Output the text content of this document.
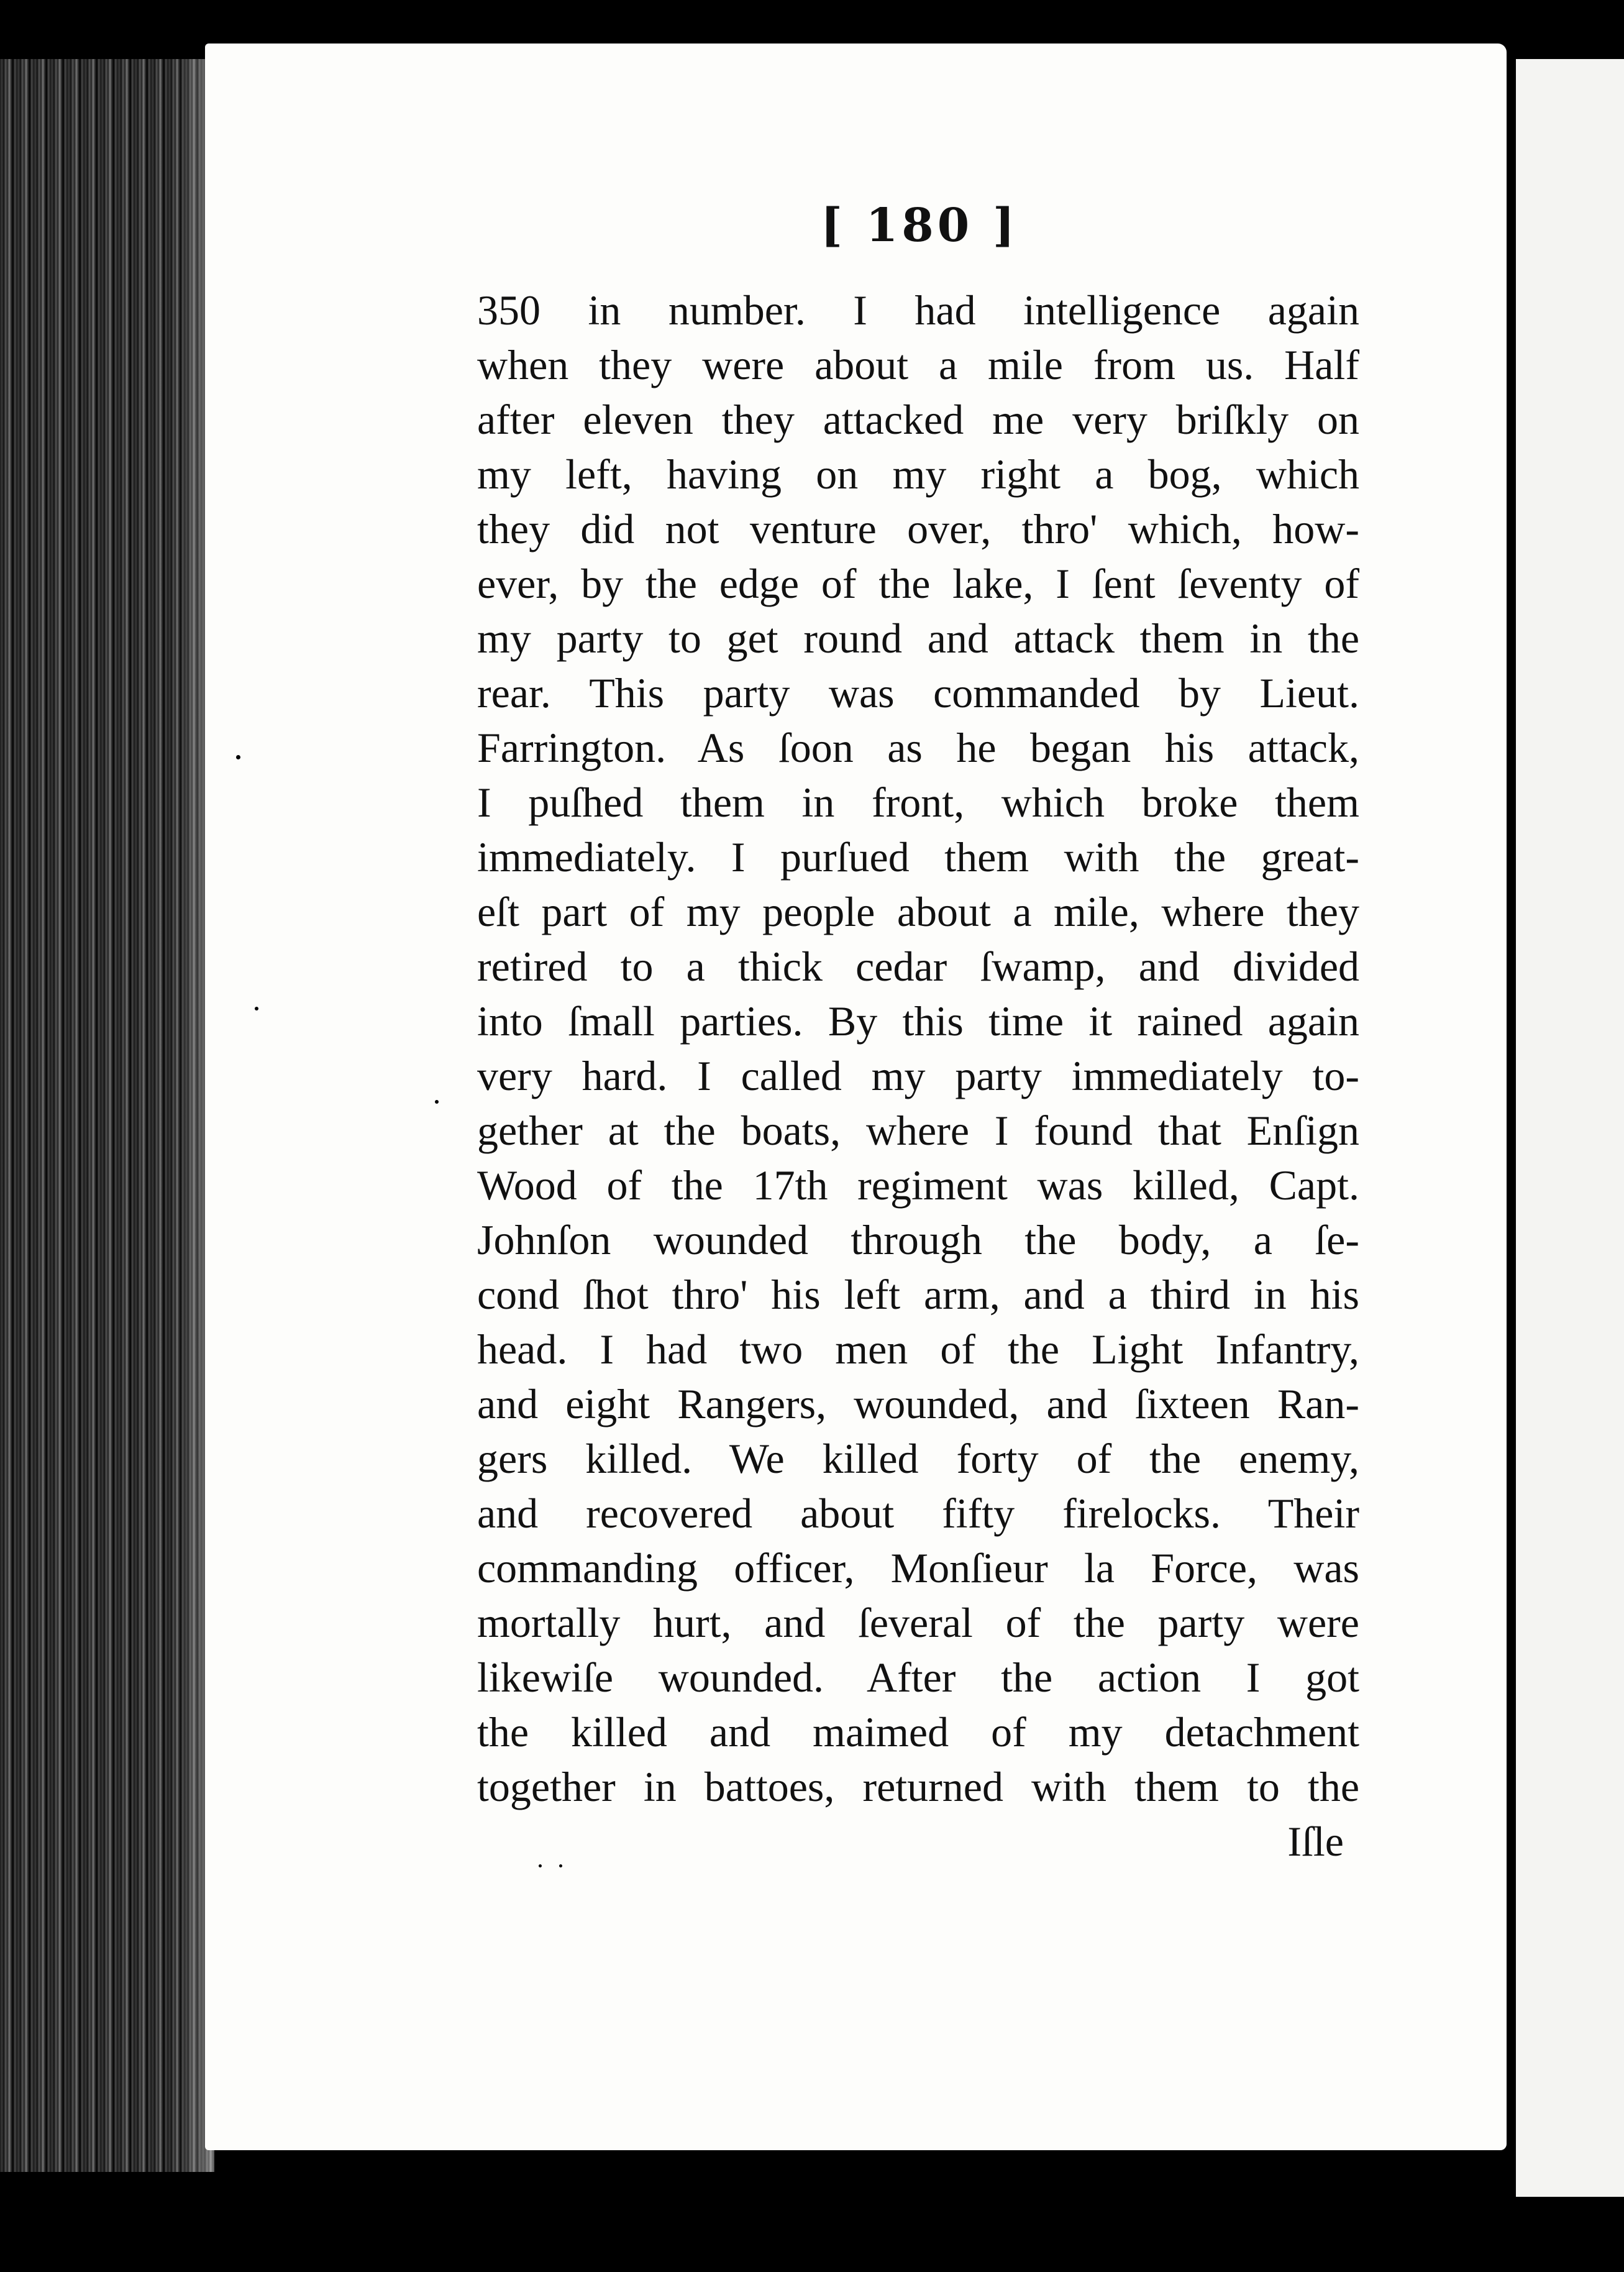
[ 180 ]
350 in number. I had intelligence again
when they were about a mile from us. Half
after eleven they attacked me very briſkly on
my left, having on my right a bog, which
they did not venture over, thro' which, how-
ever, by the edge of the lake, I ſent ſeventy of
my party to get round and attack them in the
rear. This party was commanded by Lieut.
Farrington. As ſoon as he began his attack,
I puſhed them in front, which broke them
immediately. I purſued them with the great-
eſt part of my people about a mile, where they
retired to a thick cedar ſwamp, and divided
into ſmall parties. By this time it rained again
very hard. I called my party immediately to-
gether at the boats, where I found that Enſign
Wood of the 17th regiment was killed, Capt.
Johnſon wounded through the body, a ſe-
cond ſhot thro' his left arm, and a third in his
head. I had two men of the Light Infantry,
and eight Rangers, wounded, and ſixteen Ran-
gers killed. We killed forty of the enemy,
and recovered about fifty firelocks. Their
commanding officer, Monſieur la Force, was
mortally hurt, and ſeveral of the party were
likewiſe wounded. After the action I got
the killed and maimed of my detachment
together in battoes, returned with them to the
Iſle
